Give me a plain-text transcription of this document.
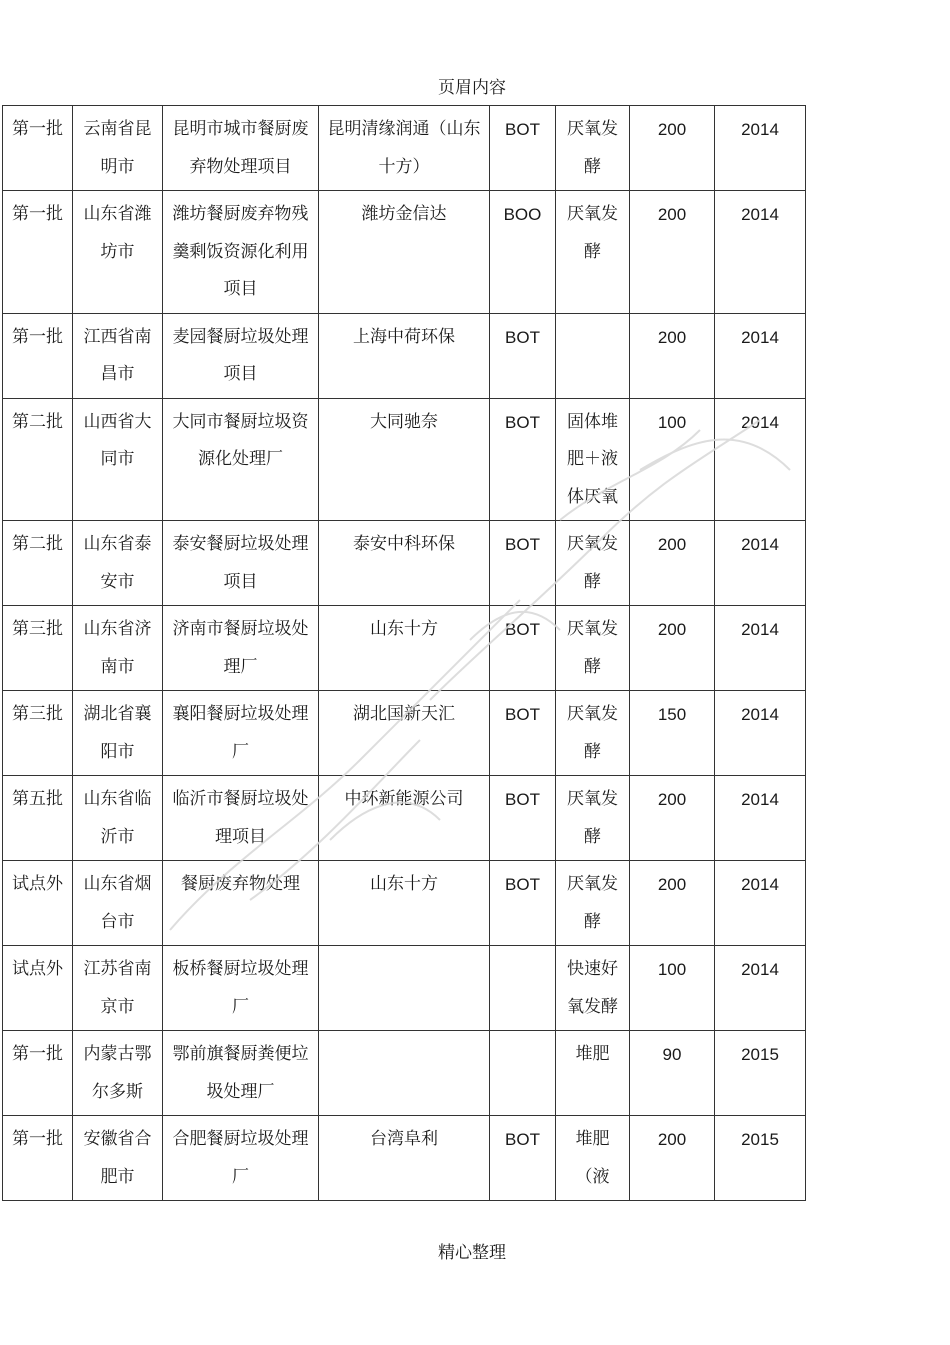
页眉内容
第一批	云南省昆明市	昆明市城市餐厨废弃物处理项目	昆明清缘润通（山东十方）	BOT	厌氧发酵	200	2014
第一批	山东省潍坊市	潍坊餐厨废弃物残羹剩饭资源化利用项目	潍坊金信达	BOO	厌氧发酵	200	2014
第一批	江西省南昌市	麦园餐厨垃圾处理项目	上海中荷环保	BOT		200	2014
第二批	山西省大同市	大同市餐厨垃圾资源化处理厂	大同驰奈	BOT	固体堆肥＋液体厌氧	100	2014
第二批	山东省泰安市	泰安餐厨垃圾处理项目	泰安中科环保	BOT	厌氧发酵	200	2014
第三批	山东省济南市	济南市餐厨垃圾处理厂	山东十方	BOT	厌氧发酵	200	2014
第三批	湖北省襄阳市	襄阳餐厨垃圾处理厂	湖北国新天汇	BOT	厌氧发酵	150	2014
第五批	山东省临沂市	临沂市餐厨垃圾处理项目	中环新能源公司	BOT	厌氧发酵	200	2014
试点外	山东省烟台市	餐厨废弃物处理	山东十方	BOT	厌氧发酵	200	2014
试点外	江苏省南京市	板桥餐厨垃圾处理厂			快速好氧发酵	100	2014
第一批	内蒙古鄂尔多斯	鄂前旗餐厨粪便垃圾处理厂			堆肥	90	2015
第一批	安徽省合肥市	合肥餐厨垃圾处理厂	台湾阜利	BOT	堆肥（液	200	2015
精心整理
